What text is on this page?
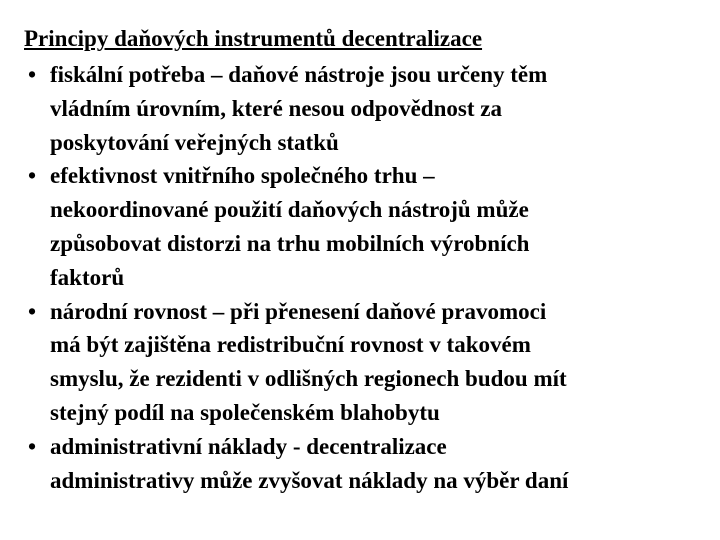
Principy daňových instrumentů decentralizace
• fiskální potřeba – daňové nástroje jsou určeny těm
vládním úrovním, které nesou odpovědnost za
poskytování veřejných statků
• efektivnost vnitřního společného trhu –
nekoordinované použití daňových nástrojů může
způsobovat distorzi na trhu mobilních výrobních
faktorů
• národní rovnost – při přenesení daňové pravomoci
má být zajištěna redistribuční rovnost v takovém
smyslu, že rezidenti v odlišných regionech budou mít
stejný podíl na společenském blahobytu
• administrativní náklady - decentralizace
administrativy může zvyšovat náklady na výběr daní
